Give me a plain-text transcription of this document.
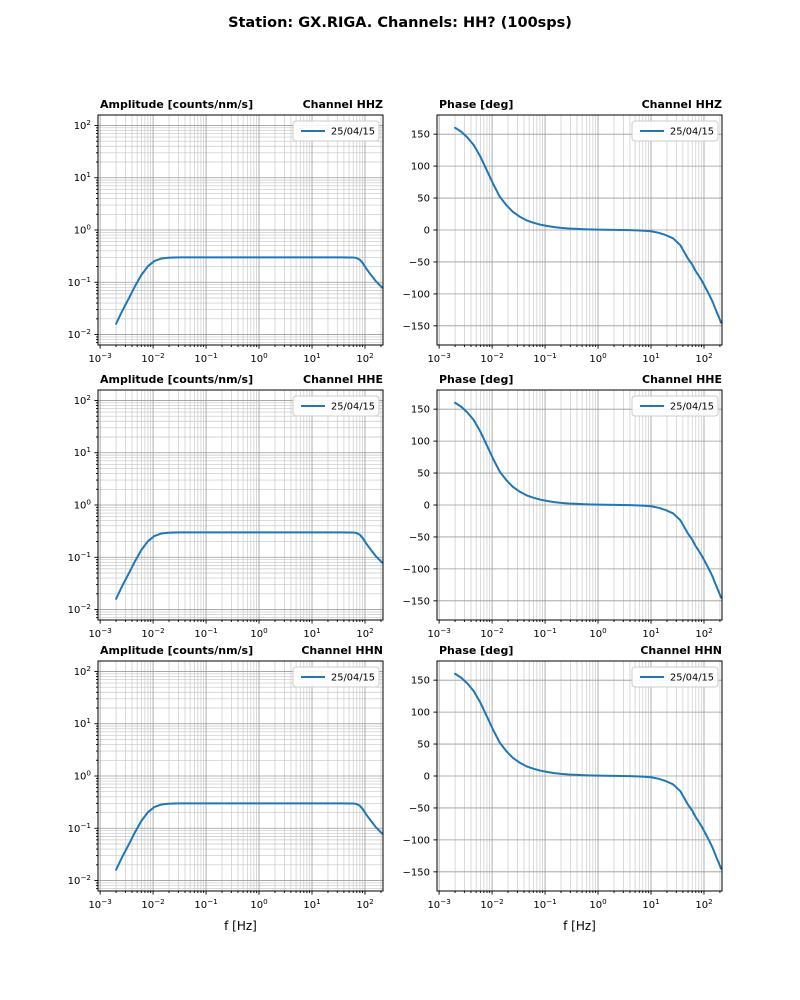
Station: GX.RIGA. Channels: HH? (100sps)
$10^{-3}$	$10^{-2}$	$10^{-1}$	$10^0$	$10^1$	$10^2$
$10^{-2}$
$10^{-1}$
$10^0$
$10^1$
$10^2$
Amplitude [counts/nm/s]	Channel HHZ
25/04/15
$10^{-3}$	$10^{-2}$	$10^{-1}$	$10^0$	$10^1$	$10^2$
−150
−100
−50
0
50
100
150
Phase [deg]	Channel HHZ
25/04/15
$10^{-3}$	$10^{-2}$	$10^{-1}$	$10^0$	$10^1$	$10^2$
$10^{-2}$
$10^{-1}$
$10^0$
$10^1$
$10^2$
Amplitude [counts/nm/s]	Channel HHE
25/04/15
$10^{-3}$	$10^{-2}$	$10^{-1}$	$10^0$	$10^1$	$10^2$
−150
−100
−50
0
50
100
150
Phase [deg]	Channel HHE
25/04/15
$10^{-3}$	$10^{-2}$	$10^{-1}$	$10^0$	$10^1$	$10^2$
$10^{-2}$
$10^{-1}$
$10^0$
$10^1$
$10^2$
Amplitude [counts/nm/s]	Channel HHN
25/04/15
f [Hz]
$10^{-3}$	$10^{-2}$	$10^{-1}$	$10^0$	$10^1$	$10^2$
−150
−100
−50
0
50
100
150
Phase [deg]	Channel HHN
25/04/15
f [Hz]
